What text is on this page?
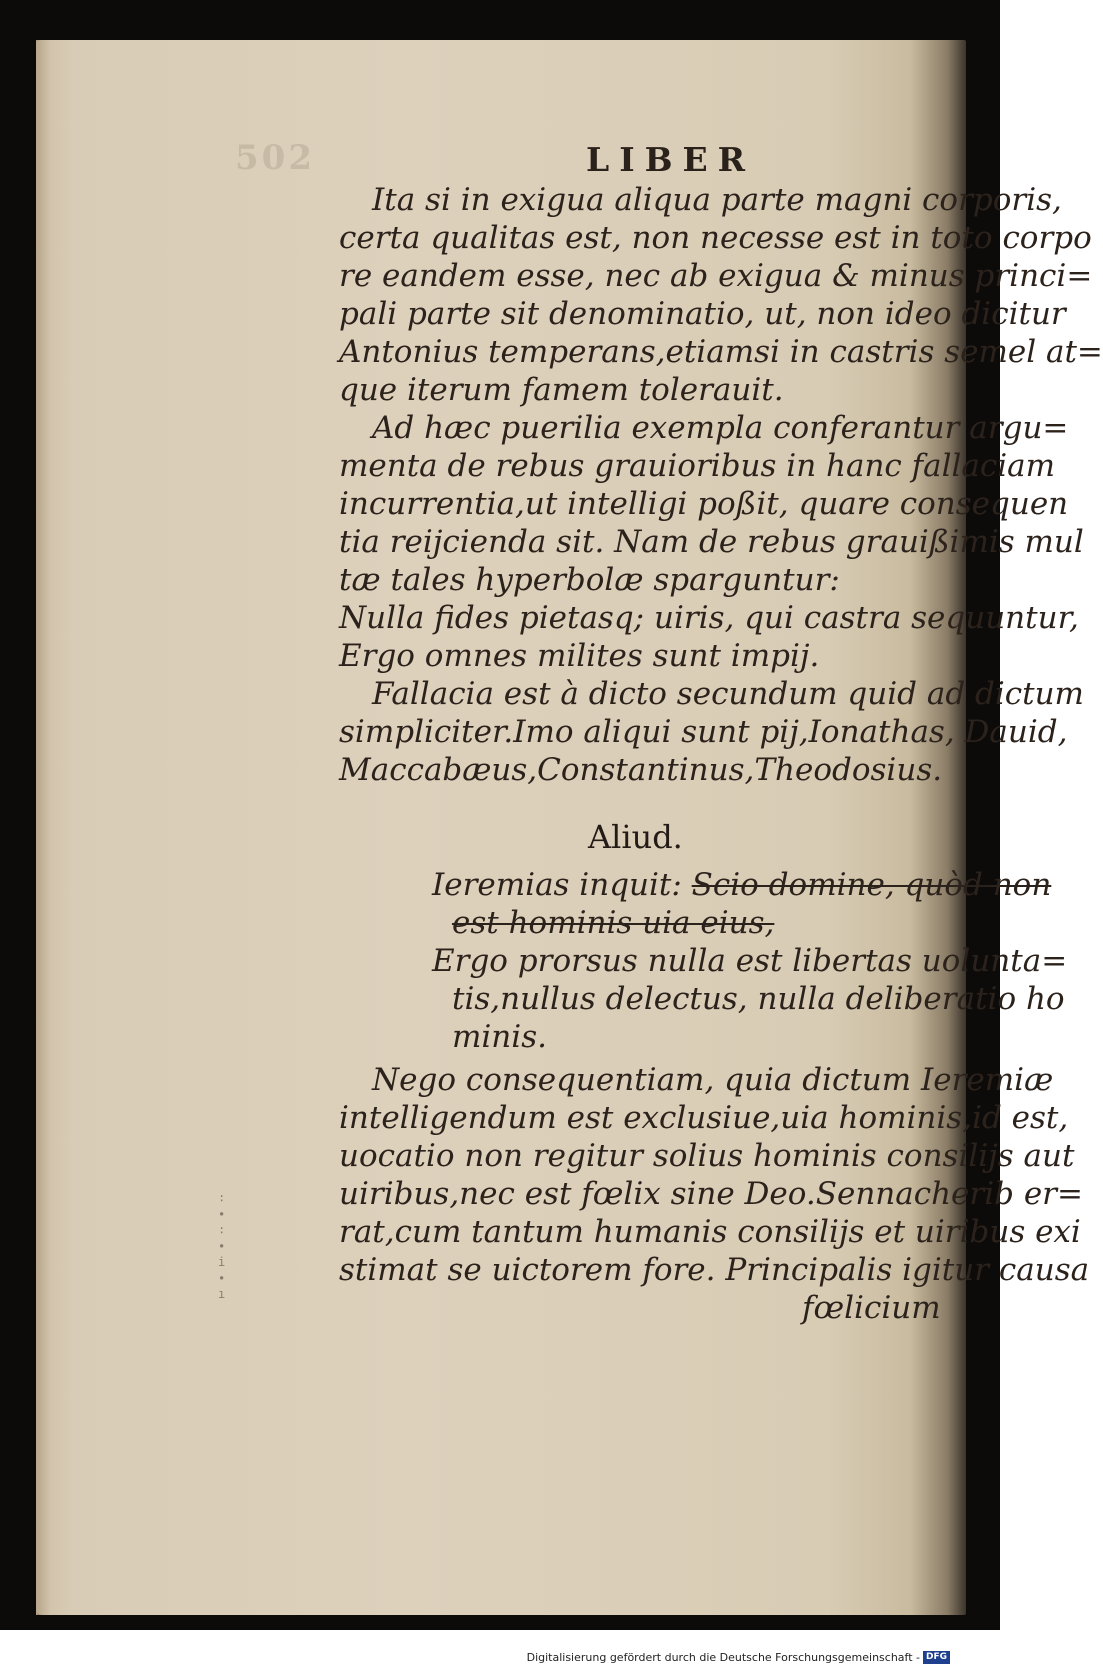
502	LIBER
Ita si in exigua aliqua parte magni corporis,
certa qualitas est, non necesse est in toto corpo
re eandem esse, nec ab exigua & minus princi=
pali parte sit denominatio, ut, non ideo dicitur
Antonius temperans,etiamsi in castris semel at=
que iterum famem tolerauit.
Ad hæc puerilia exempla conferantur argu=
menta de rebus grauioribus in hanc fallaciam
incurrentia,ut intelligi poßit, quare consequen
tia reijcienda sit. Nam de rebus grauißimis mul
tæ tales hyperbolæ sparguntur:
Nulla fides pietasq; uiris, qui castra sequuntur,
Ergo omnes milites sunt impij.
Fallacia est à dicto secundum quid ad dictum
simpliciter.Imo aliqui sunt pij,Ionathas, Dauid,
Maccabæus,Constantinus,Theodosius.
Aliud.
Ieremias inquit: Scio domine, quòd non
est hominis uia eius,
Ergo prorsus nulla est libertas uolunta=
tis,nullus delectus, nulla deliberatio ho
minis.
Nego consequentiam, quia dictum Ieremiæ
intelligendum est exclusiue,uia hominis,id est,
uocatio non regitur solius hominis consilijs aut
uiribus,nec est fœlix sine Deo.Sennacherib er=
rat,cum tantum humanis consilijs et uiribus exi
stimat se uictorem fore. Principalis igitur causa
fœlicium
∶ ∙ ∶ ∙ i ∙ ı
Digitalisierung gefördert durch die Deutsche Forschungsgemeinschaft - DFG
